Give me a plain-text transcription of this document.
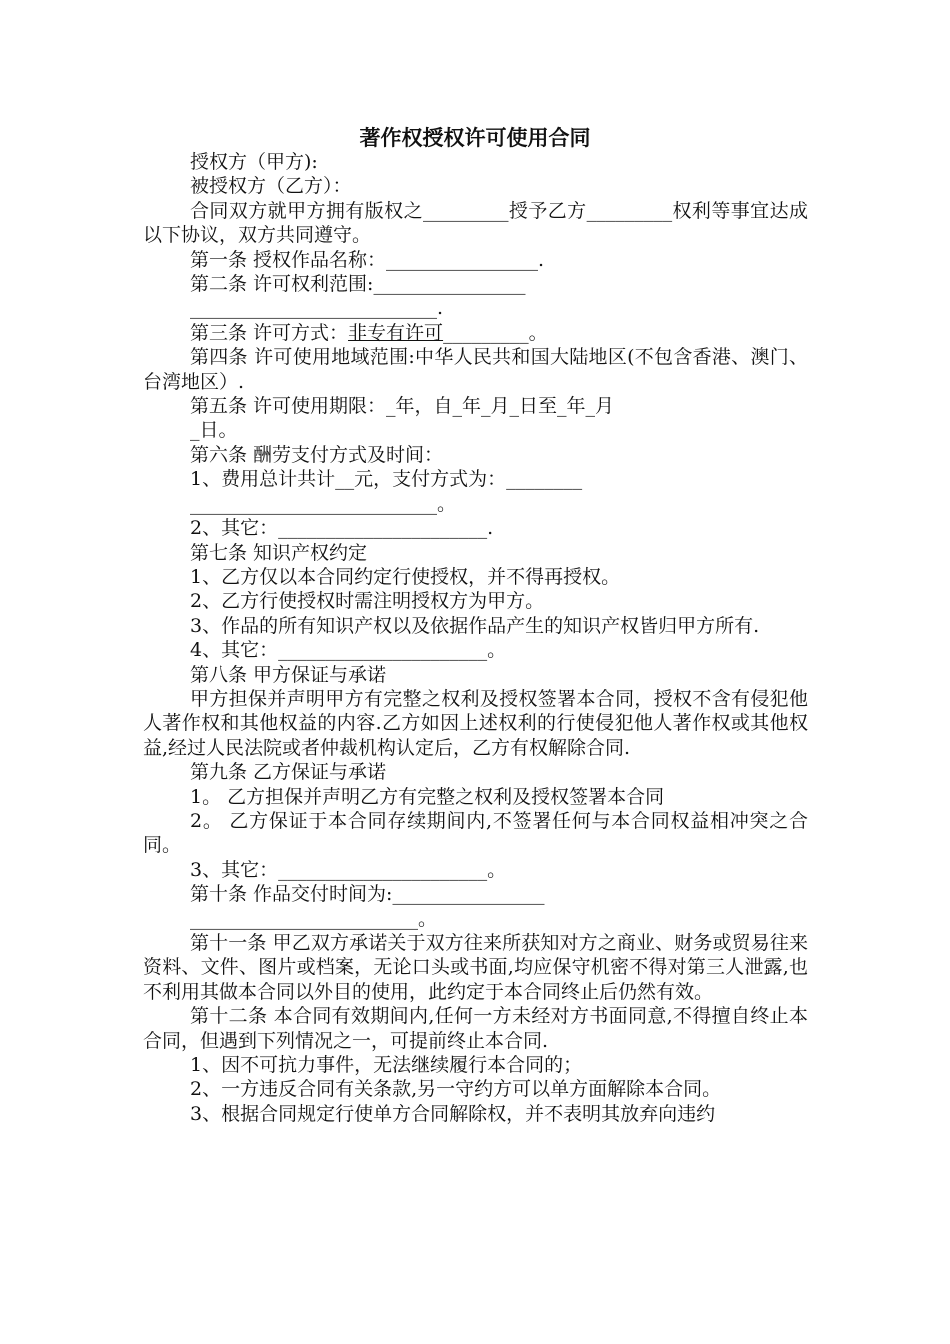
著作权授权许可使用合同

授权方（甲方):

被授权方（乙方）：

合同双方就甲方拥有版权之_________授予乙方_________权利等事宜达成以下协议，双方共同遵守。

第一条 授权作品名称：________________.

第二条 许可权利范围:________________

__________________________.

第三条 许可方式：非专有许可_________。

第四条 许可使用地域范围:中华人民共和国大陆地区(不包含香港、澳门、台湾地区）.

第五条 许可使用期限：_年，自_年_月_日至_年_月

_日。

第六条 酬劳支付方式及时间：

1、费用总计共计__元，支付方式为：________

__________________________。

2、其它：______________________.

第七条 知识产权约定

1、乙方仅以本合同约定行使授权，并不得再授权。

2、乙方行使授权时需注明授权方为甲方。

3、作品的所有知识产权以及依据作品产生的知识产权皆归甲方所有.

4、其它：______________________。

第八条 甲方保证与承诺

甲方担保并声明甲方有完整之权利及授权签署本合同，授权不含有侵犯他人著作权和其他权益的内容.乙方如因上述权利的行使侵犯他人著作权或其他权益,经过人民法院或者仲裁机构认定后，乙方有权解除合同.

第九条 乙方保证与承诺

1。 乙方担保并声明乙方有完整之权利及授权签署本合同

2。 乙方保证于本合同存续期间内,不签署任何与本合同权益相冲突之合同。

3、其它：______________________。

第十条 作品交付时间为:________________

________________________。

第十一条 甲乙双方承诺关于双方往来所获知对方之商业、财务或贸易往来资料、文件、图片或档案，无论口头或书面,均应保守机密不得对第三人泄露,也不利用其做本合同以外目的使用，此约定于本合同终止后仍然有效。

第十二条 本合同有效期间内,任何一方未经对方书面同意,不得擅自终止本合同，但遇到下列情况之一，可提前终止本合同.

1、因不可抗力事件，无法继续履行本合同的；

2、一方违反合同有关条款,另一守约方可以单方面解除本合同。

3、根据合同规定行使单方合同解除权，并不表明其放弃向违约
